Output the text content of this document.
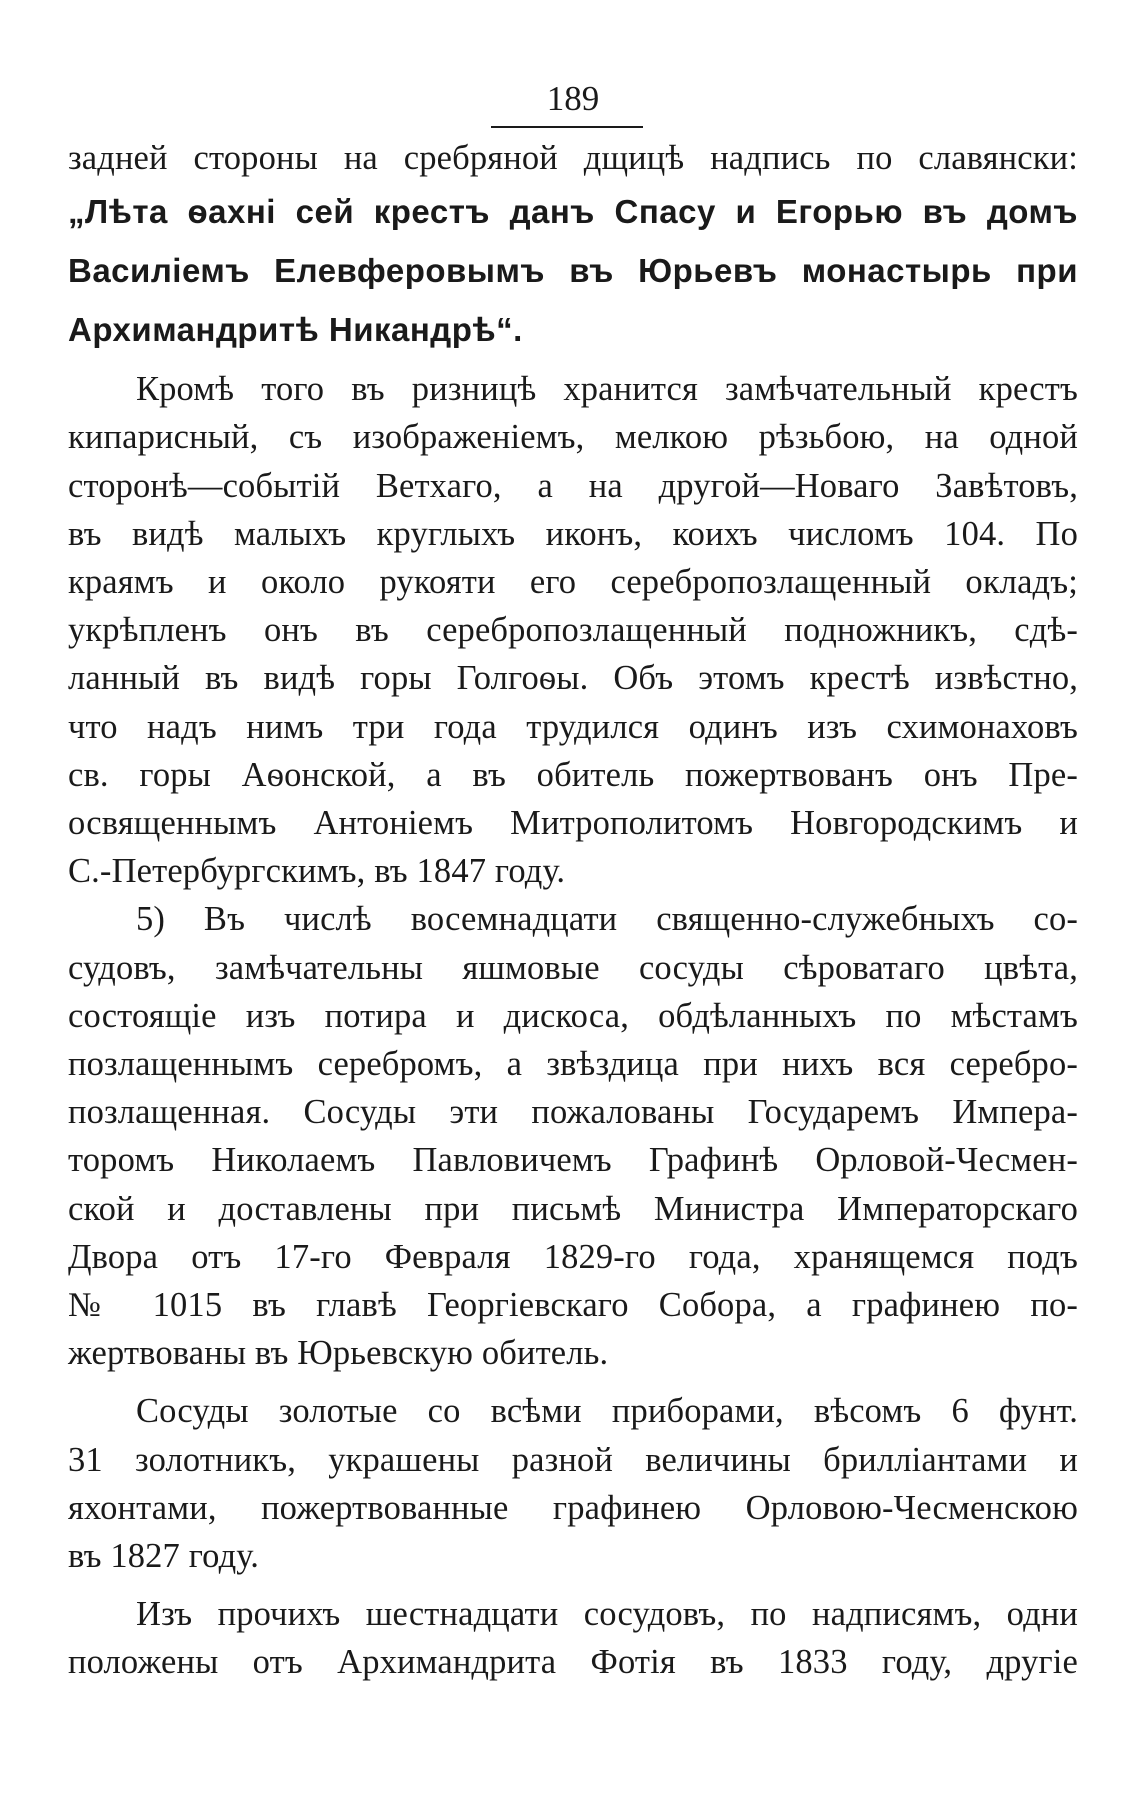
189
задней стороны на сребряной дщицѣ надпись по славянски:
„Лѣта ѳахні сей крестъ данъ Спасу и Егорью въ домъ
Василіемъ Елевферовымъ въ Юрьевъ монастырь при
Архимандритѣ Никандрѣ“.
Кромѣ того въ ризницѣ хранится замѣчательный крестъ
кипарисный, съ изображеніемъ, мелкою рѣзьбою, на одной
сторонѣ—событій Ветхаго, а на другой—Новаго Завѣтовъ,
въ видѣ малыхъ круглыхъ иконъ, коихъ числомъ 104. По
краямъ и около рукояти его серебропозлащенный окладъ;
укрѣпленъ онъ въ серебропозлащенный подножникъ, сдѣ-
ланный въ видѣ горы Голгоѳы. Объ этомъ крестѣ извѣстно,
что надъ нимъ три года трудился одинъ изъ схимонаховъ
св. горы Аѳонской, а въ обитель пожертвованъ онъ Пре-
освященнымъ Антоніемъ Митрополитомъ Новгородскимъ и
С.-Петербургскимъ, въ 1847 году.
5) Въ числѣ восемнадцати священно-служебныхъ со-
судовъ, замѣчательны яшмовые сосуды сѣроватаго цвѣта,
состоящіе изъ потира и дискоса, обдѣланныхъ по мѣстамъ
позлащеннымъ серебромъ, а звѣздица при нихъ вся серебро-
позлащенная. Сосуды эти пожалованы Государемъ Импера-
торомъ Николаемъ Павловичемъ Графинѣ Орловой-Чесмен-
ской и доставлены при письмѣ Министра Императорскаго
Двора отъ 17-го Февраля 1829-го года, хранящемся подъ
№ 1015 въ главѣ Георгіевскаго Собора, а графинею по-
жертвованы въ Юрьевскую обитель.
Сосуды золотые со всѣми приборами, вѣсомъ 6 фунт.
31 золотникъ, украшены разной величины брилліантами и
яхонтами, пожертвованные графинею Орловою-Чесменскою
въ 1827 году.
Изъ прочихъ шестнадцати сосудовъ, по надписямъ, одни
положены отъ Архимандрита Фотія въ 1833 году, другіе
